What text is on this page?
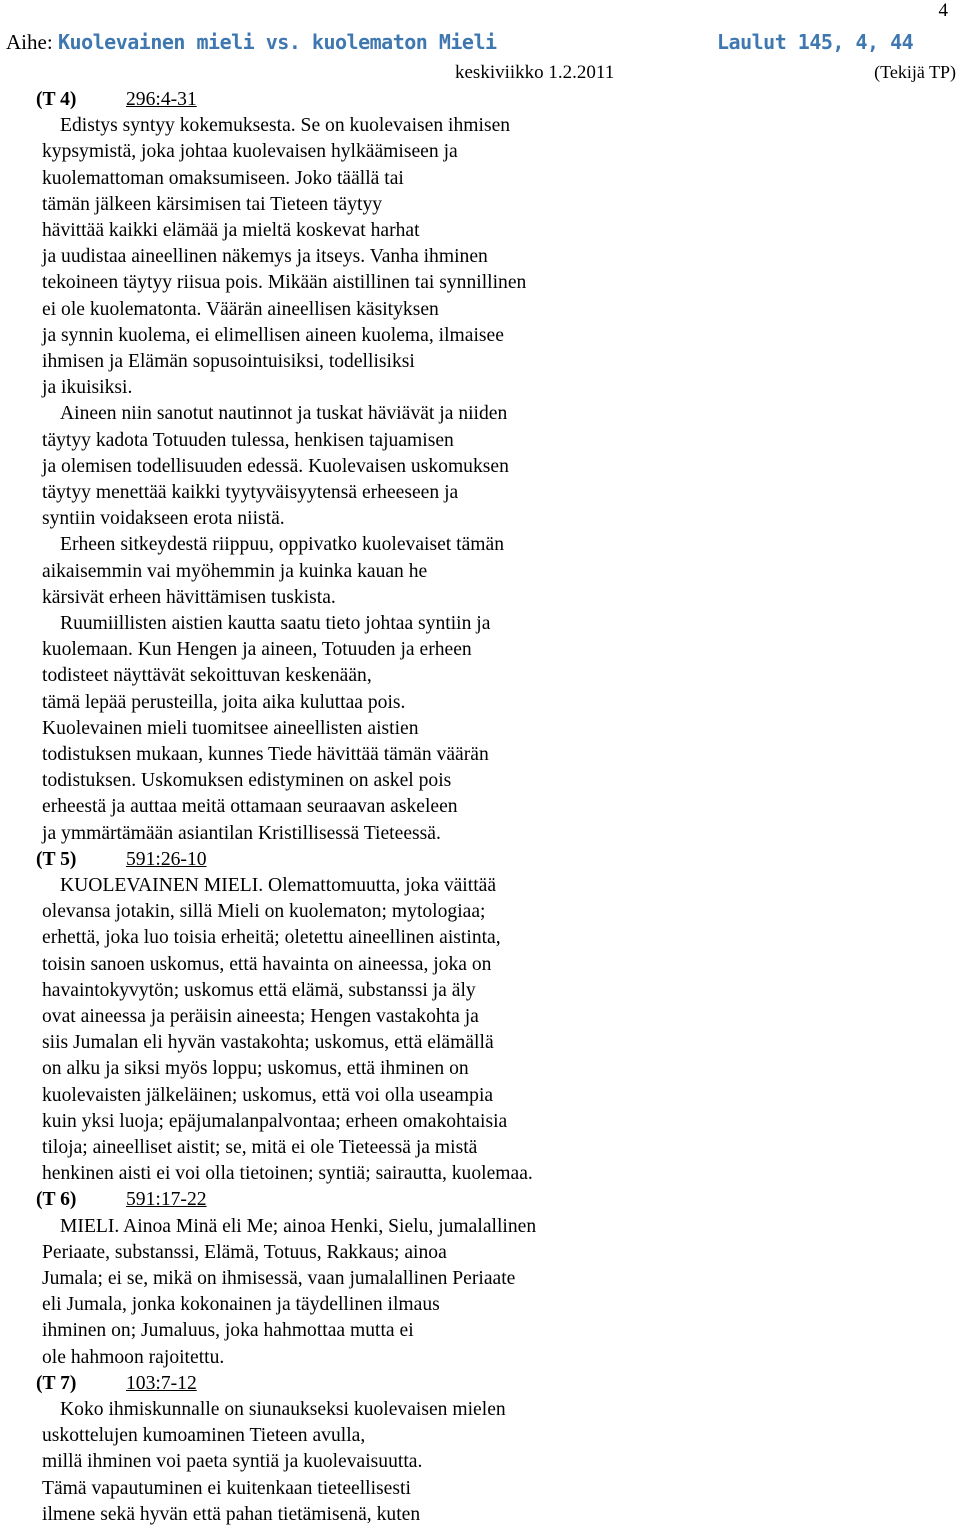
4
Aihe: Kuolevainen mieli vs. kuolematon Mieli	Laulut 145, 4, 44
keskiviikko 1.2.2011	(Tekijä TP)
(T 4)	296:4-31
Edistys syntyy kokemuksesta. Se on kuolevaisen ihmisen
kypsymistä, joka johtaa kuolevaisen hylkäämiseen ja
kuolemattoman omaksumiseen. Joko täällä tai
tämän jälkeen kärsimisen tai Tieteen täytyy
hävittää kaikki elämää ja mieltä koskevat harhat
ja uudistaa aineellinen näkemys ja itseys. Vanha ihminen
tekoineen täytyy riisua pois. Mikään aistillinen tai synnillinen
ei ole kuolematonta. Väärän aineellisen käsityksen
ja synnin kuolema, ei elimellisen aineen kuolema, ilmaisee
ihmisen ja Elämän sopusointuisiksi, todellisiksi
ja ikuisiksi.
Aineen niin sanotut nautinnot ja tuskat häviävät ja niiden
täytyy kadota Totuuden tulessa, henkisen tajuamisen
ja olemisen todellisuuden edessä. Kuolevaisen uskomuksen
täytyy menettää kaikki tyytyväisyytensä erheeseen ja
syntiin voidakseen erota niistä.
Erheen sitkeydestä riippuu, oppivatko kuolevaiset tämän
aikaisemmin vai myöhemmin ja kuinka kauan he
kärsivät erheen hävittämisen tuskista.
Ruumiillisten aistien kautta saatu tieto johtaa syntiin ja
kuolemaan. Kun Hengen ja aineen, Totuuden ja erheen
todisteet näyttävät sekoittuvan keskenään,
tämä lepää perusteilla, joita aika kuluttaa pois.
Kuolevainen mieli tuomitsee aineellisten aistien
todistuksen mukaan, kunnes Tiede hävittää tämän väärän
todistuksen. Uskomuksen edistyminen on askel pois
erheestä ja auttaa meitä ottamaan seuraavan askeleen
ja ymmärtämään asiantilan Kristillisessä Tieteessä.
(T 5)	591:26-10
KUOLEVAINEN MIELI. Olemattomuutta, joka väittää
olevansa jotakin, sillä Mieli on kuolematon; mytologiaa;
erhettä, joka luo toisia erheitä; oletettu aineellinen aistinta,
toisin sanoen uskomus, että havainta on aineessa, joka on
havaintokyvytön; uskomus että elämä, substanssi ja äly
ovat aineessa ja peräisin aineesta; Hengen vastakohta ja
siis Jumalan eli hyvän vastakohta; uskomus, että elämällä
on alku ja siksi myös loppu; uskomus, että ihminen on
kuolevaisten jälkeläinen; uskomus, että voi olla useampia
kuin yksi luoja; epäjumalanpalvontaa; erheen omakohtaisia
tiloja; aineelliset aistit; se, mitä ei ole Tieteessä ja mistä
henkinen aisti ei voi olla tietoinen; syntiä; sairautta, kuolemaa.
(T 6)	591:17-22
MIELI. Ainoa Minä eli Me; ainoa Henki, Sielu, jumalallinen
Periaate, substanssi, Elämä, Totuus, Rakkaus; ainoa
Jumala; ei se, mikä on ihmisessä, vaan jumalallinen Periaate
eli Jumala, jonka kokonainen ja täydellinen ilmaus
ihminen on; Jumaluus, joka hahmottaa mutta ei
ole hahmoon rajoitettu.
(T 7)	103:7-12
Koko ihmiskunnalle on siunaukseksi kuolevaisen mielen
uskottelujen kumoaminen Tieteen avulla,
millä ihminen voi paeta syntiä ja kuolevaisuutta.
Tämä vapautuminen ei kuitenkaan tieteellisesti
ilmene sekä hyvän että pahan tietämisenä, kuten
